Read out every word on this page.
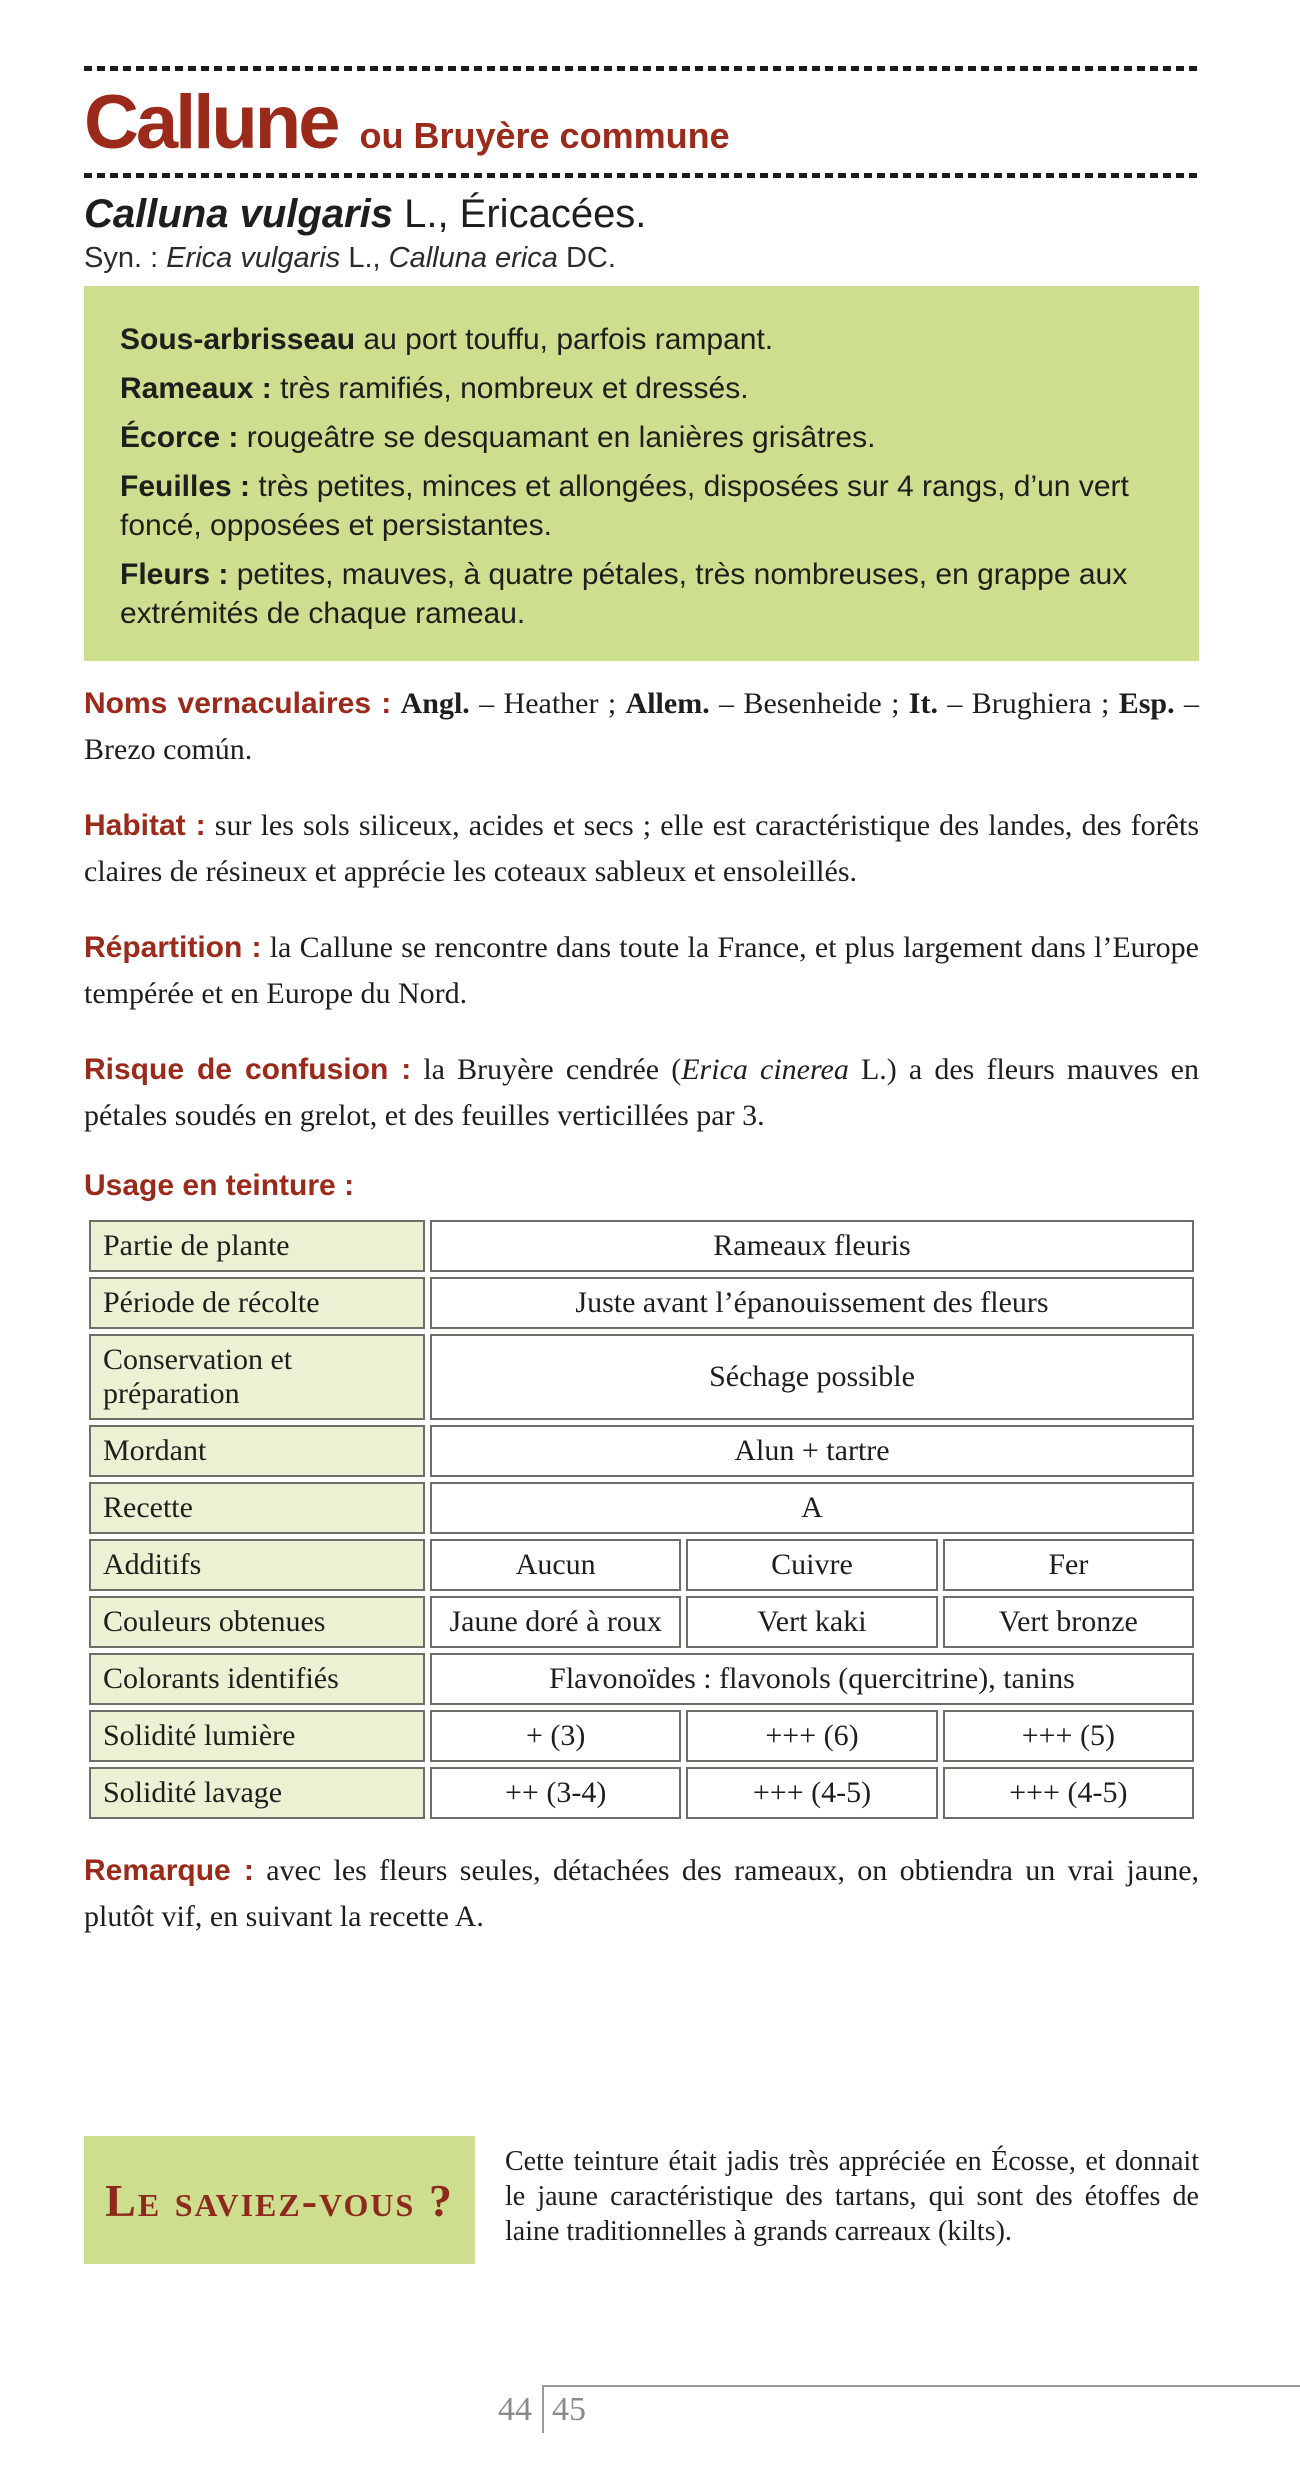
Callune ou Bruyère commune
Calluna vulgaris L., Éricacées.
Syn. : Erica vulgaris L., Calluna erica DC.

Sous-arbrisseau au port touffu, parfois rampant.

Rameaux : très ramifiés, nombreux et dressés.

Écorce : rougeâtre se desquamant en lanières grisâtres.

Feuilles : très petites, minces et allongées, disposées sur 4 rangs, d’un vert foncé, opposées et persistantes.

Fleurs : petites, mauves, à quatre pétales, très nombreuses, en grappe aux extrémités de chaque rameau.

Noms vernaculaires : Angl. – Heather ; Allem. – Besenheide ; It. – Brughiera ; Esp. – Brezo común.

Habitat : sur les sols siliceux, acides et secs ; elle est caractéristique des landes, des forêts claires de résineux et apprécie les coteaux sableux et ensoleillés.

Répartition : la Callune se rencontre dans toute la France, et plus largement dans l’Europe tempérée et en Europe du Nord.

Risque de confusion : la Bruyère cendrée (Erica cinerea L.) a des fleurs mauves en pétales soudés en grelot, et des feuilles verticillées par 3.

Usage en teinture :
Partie de plante	Rameaux fleuris		
Période de récolte	Juste avant l’épanouissement des fleurs		
Conservation et préparation	Séchage possible		
Mordant	Alun + tartre		
Recette	A		
Additifs	Aucun	Cuivre	Fer
Couleurs obtenues	Jaune doré à roux	Vert kaki	Vert bronze
Colorants identifiés	Flavonoïdes : flavonols (quercitrine), tanins		
Solidité lumière	+ (3)	+++ (6)	+++ (5)
Solidité lavage	++ (3-4)	+++ (4-5)	+++ (4-5)

Remarque : avec les fleurs seules, détachées des rameaux, on obtiendra un vrai jaune, plutôt vif, en suivant la recette A.

Le saviez-vous ?
Cette teinture était jadis très appréciée en Écosse, et donnait le jaune caractéristique des tartans, qui sont des étoffes de laine traditionnelles à grands carreaux (kilts).
44 45
